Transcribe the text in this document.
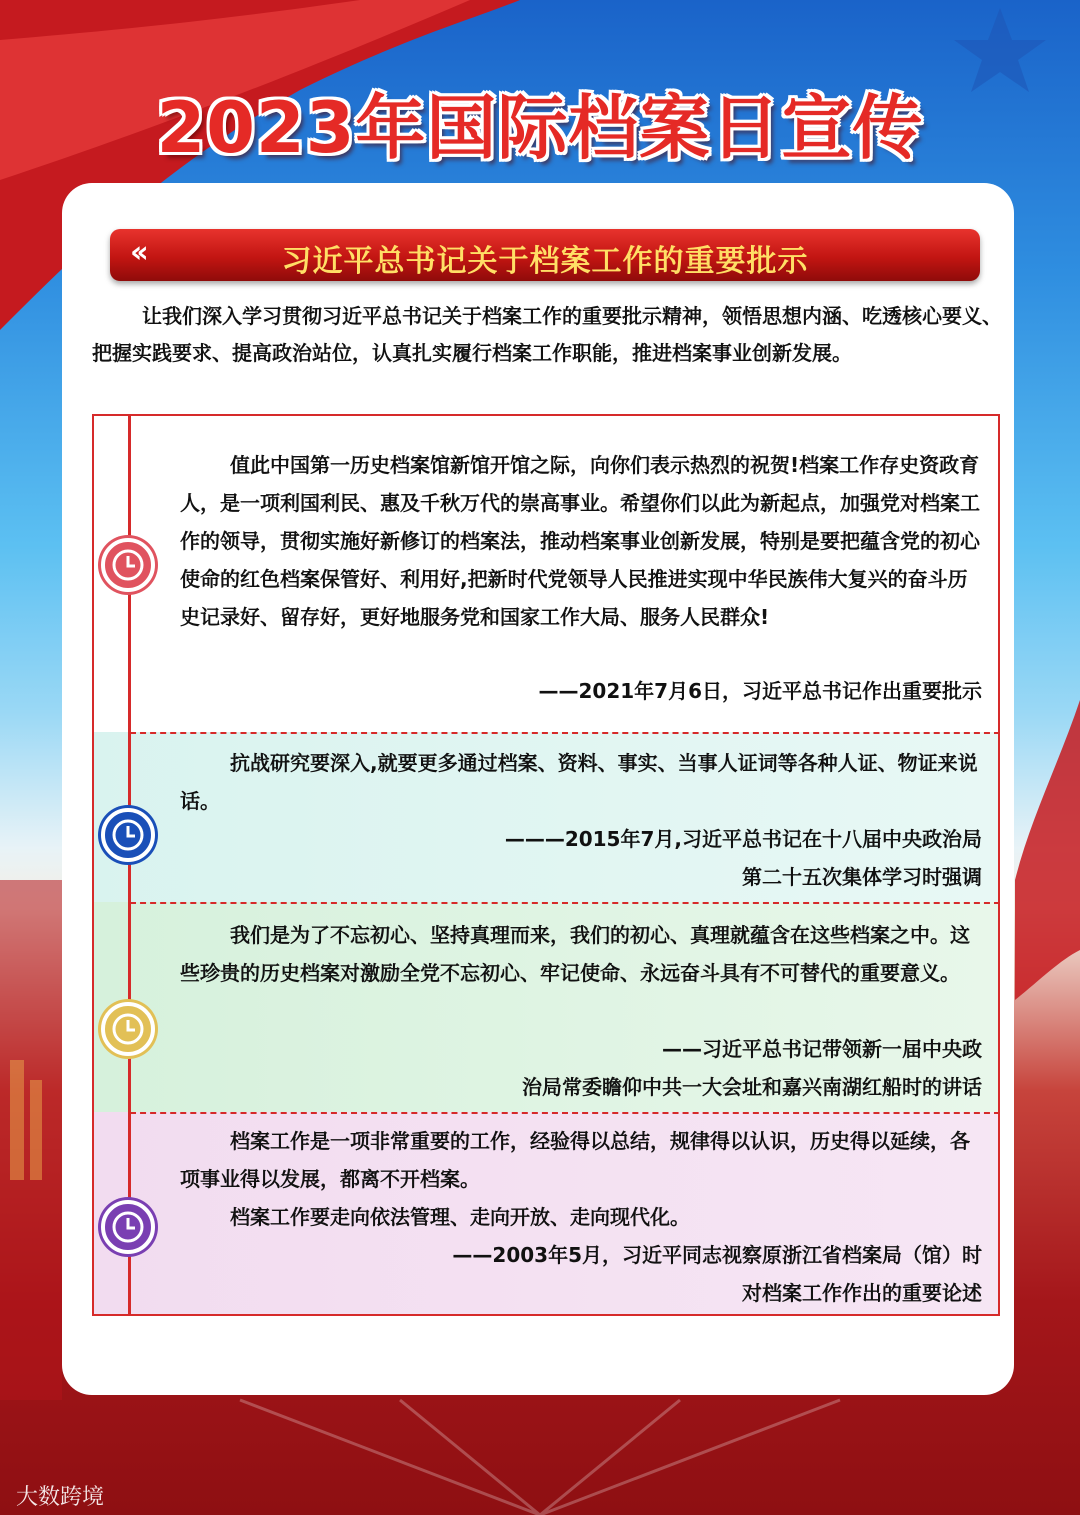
2023年国际档案日宣传
‹‹	习近平总书记关于档案工作的重要批示
让我们深入学习贯彻习近平总书记关于档案工作的重要批示精神，领悟思想内涵、吃透核心要义、把握实践要求、提高政治站位，认真扎实履行档案工作职能，推进档案事业创新发展。
值此中国第一历史档案馆新馆开馆之际，向你们表示热烈的祝贺!档案工作存史资政育人，是一项利国利民、惠及千秋万代的崇高事业。希望你们以此为新起点，加强党对档案工作的领导，贯彻实施好新修订的档案法，推动档案事业创新发展，特别是要把蕴含党的初心使命的红色档案保管好、利用好,把新时代党领导人民推进实现中华民族伟大复兴的奋斗历史记录好、留存好，更好地服务党和国家工作大局、服务人民群众!
——2021年7月6日，习近平总书记作出重要批示
抗战研究要深入,就要更多通过档案、资料、事实、当事人证词等各种人证、物证来说话。
———2015年7月,习近平总书记在十八届中央政治局
第二十五次集体学习时强调
我们是为了不忘初心、坚持真理而来，我们的初心、真理就蕴含在这些档案之中。这些珍贵的历史档案对激励全党不忘初心、牢记使命、永远奋斗具有不可替代的重要意义。
——习近平总书记带领新一届中央政
治局常委瞻仰中共一大会址和嘉兴南湖红船时的讲话
档案工作是一项非常重要的工作，经验得以总结，规律得以认识，历史得以延续，各项事业得以发展，都离不开档案。
档案工作要走向依法管理、走向开放、走向现代化。
——2003年5月，习近平同志视察原浙江省档案局（馆）时
对档案工作作出的重要论述
大数跨境
